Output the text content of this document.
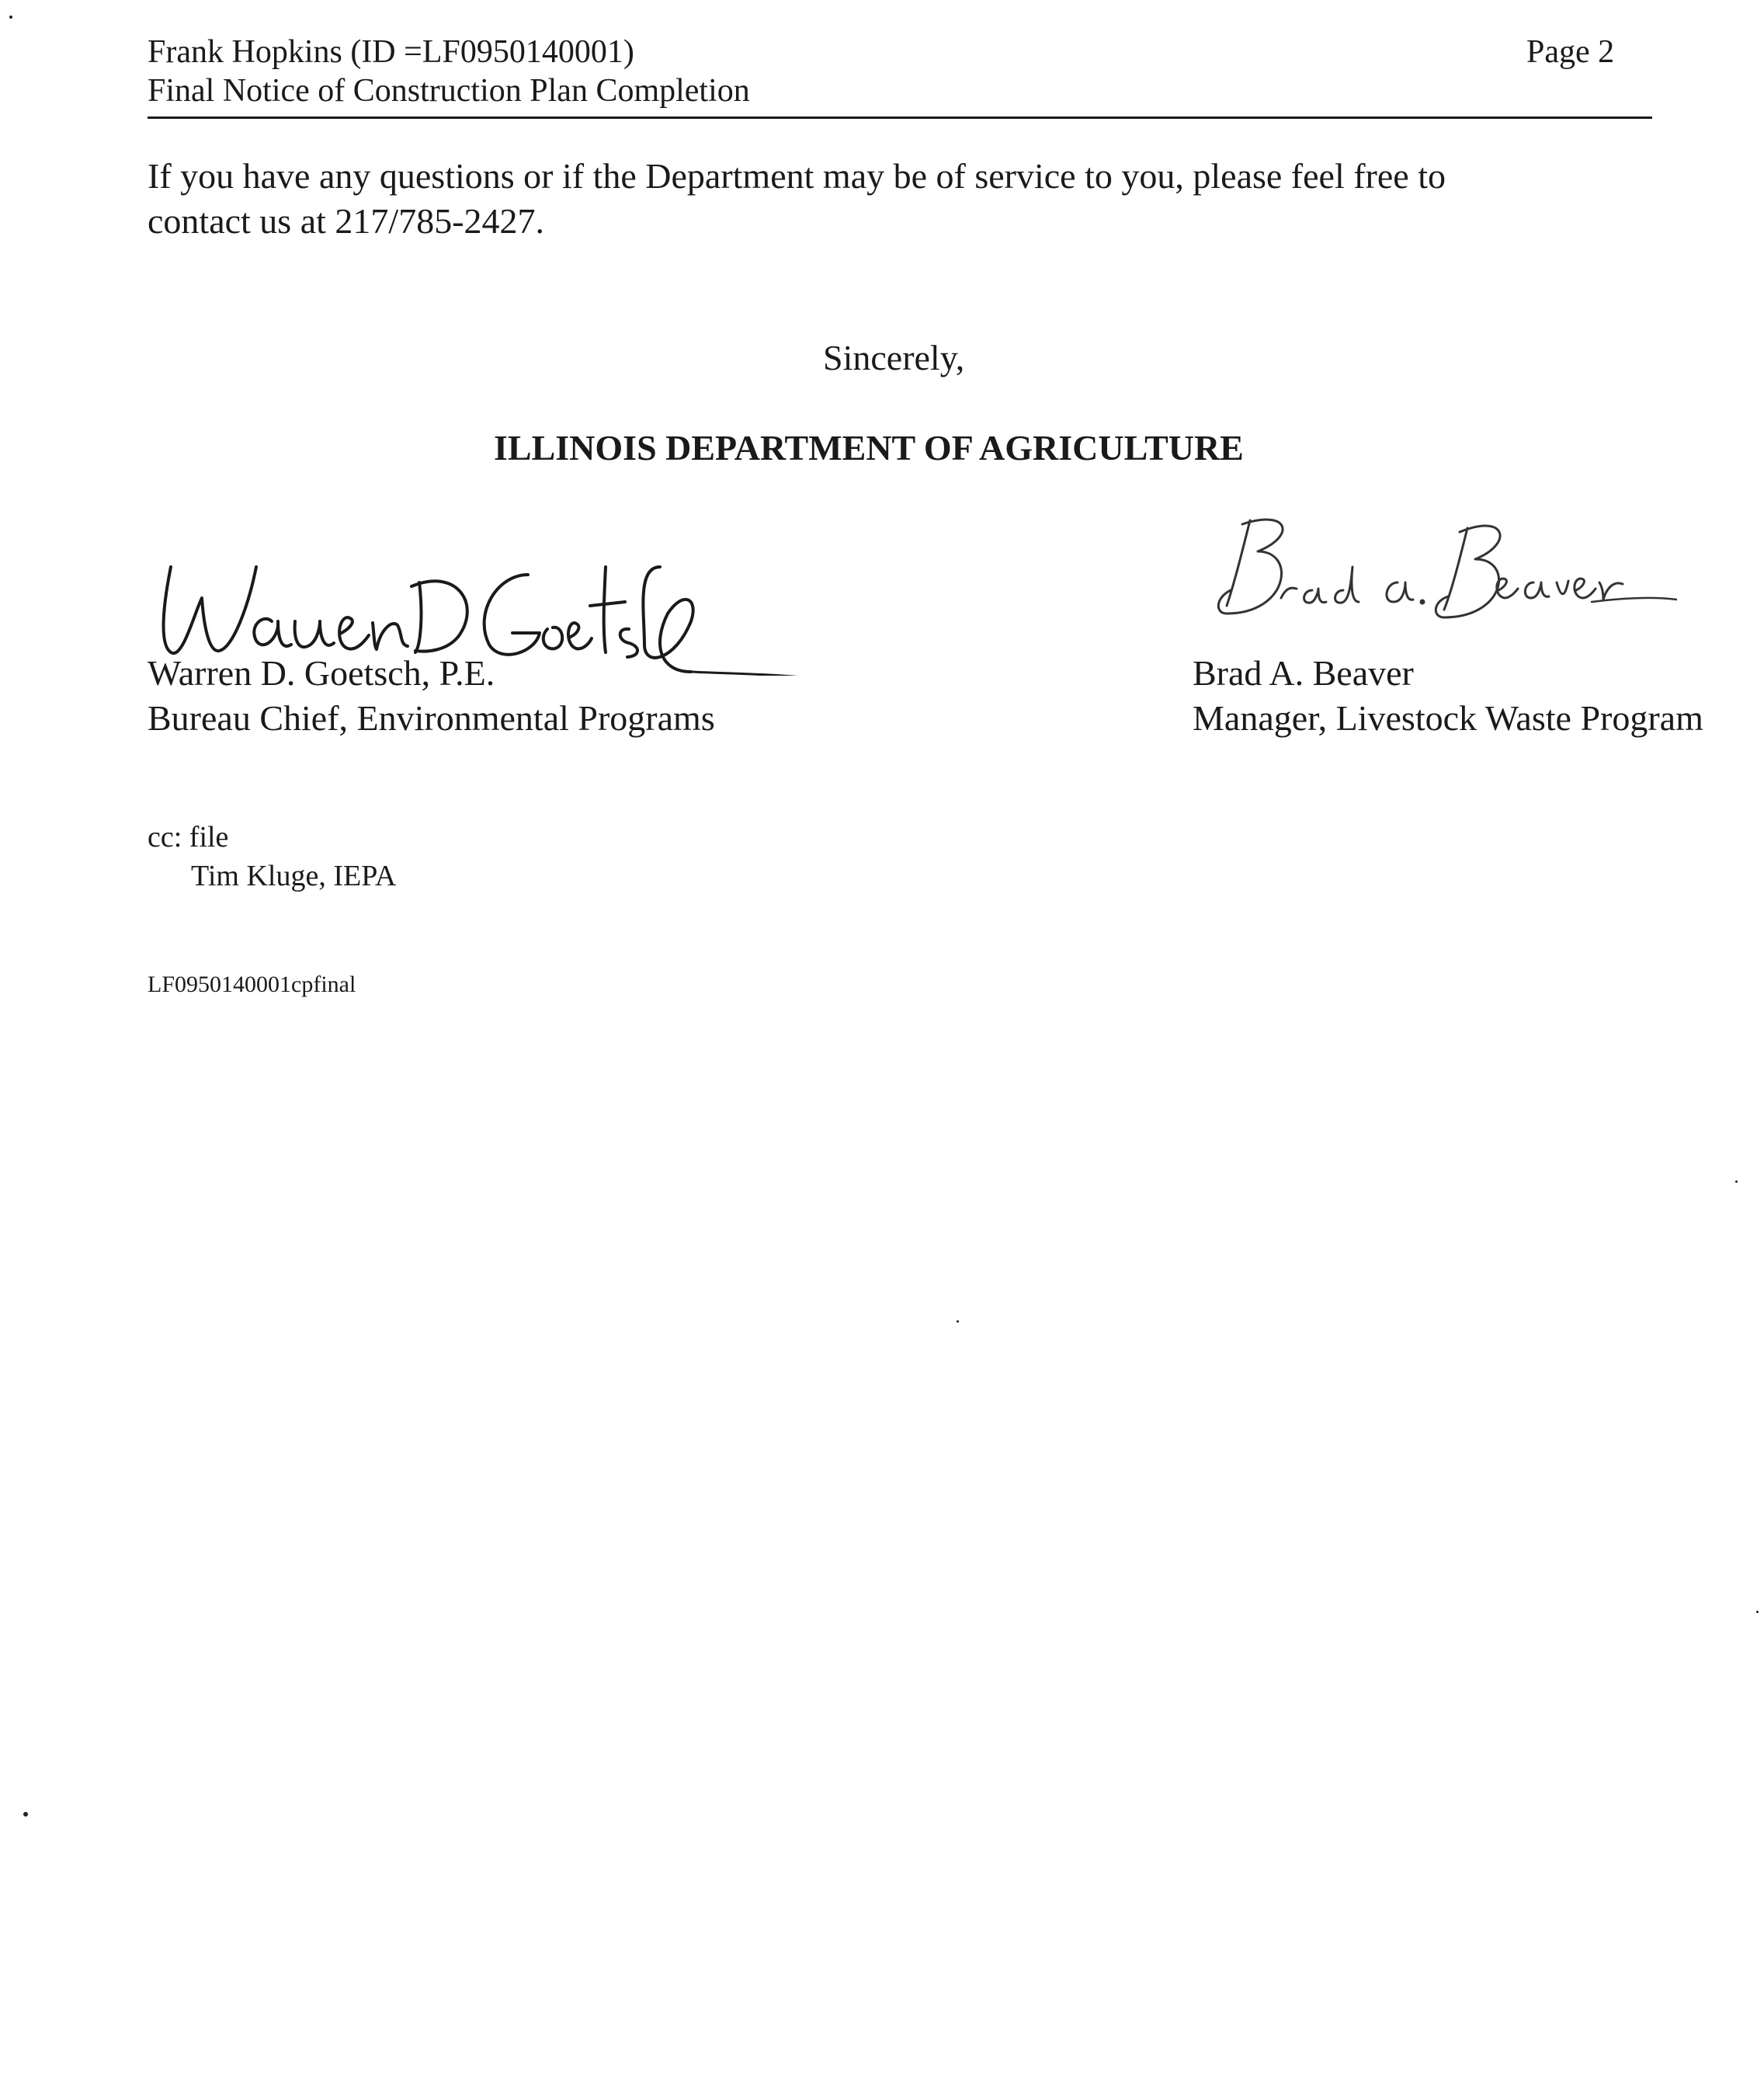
Frank Hopkins (ID =LF0950140001)
Final Notice of Construction Plan Completion
Page 2
If you have any questions or if the Department may be of service to you, please feel free to
contact us at 217/785-2427.
Sincerely,
ILLINOIS DEPARTMENT OF AGRICULTURE
Warren D. Goetsch, P.E.
Bureau Chief, Environmental Programs
Brad A. Beaver
Manager, Livestock Waste Program
cc: file
Tim Kluge, IEPA
LF0950140001cpfinal
